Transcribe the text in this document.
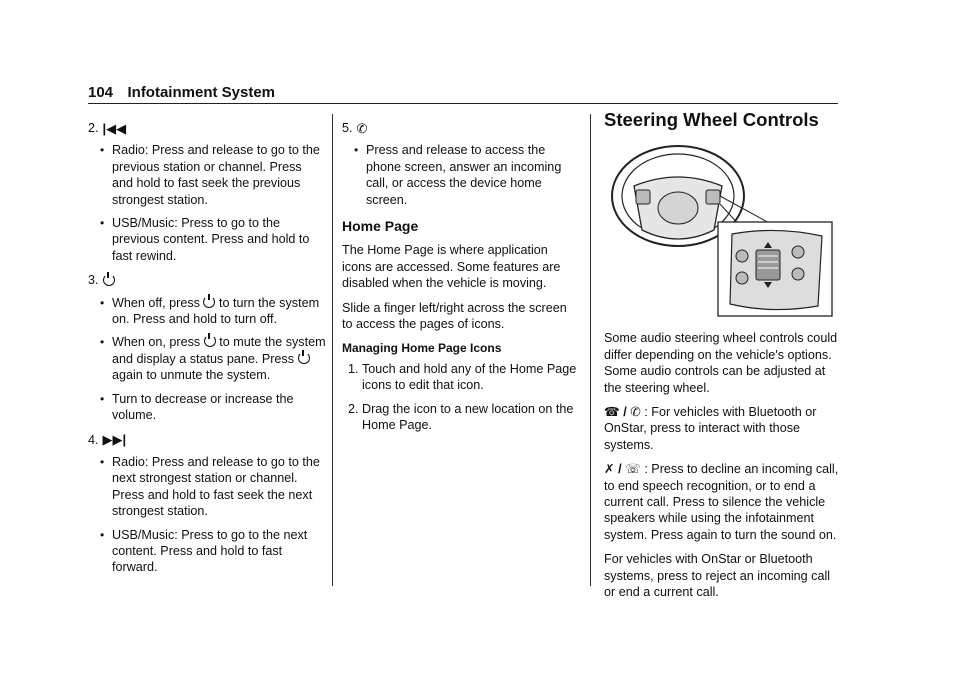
104 Infotainment System
2. |◀◀
• Radio: Press and release to go to the previous station or channel. Press and hold to fast seek the previous strongest station.
• USB/Music: Press to go to the previous content. Press and hold to fast rewind.
3.
• When off, press to turn the system on. Press and hold to turn off.
• When on, press to mute the system and display a status pane. Press  again to unmute the system.
• Turn to decrease or increase the volume.
4. ▶▶|
• Radio: Press and release to go to the next strongest station or channel. Press and hold to fast seek the next strongest station.
• USB/Music: Press to go to the next content. Press and hold to fast forward.
5. ✆
• Press and release to access the phone screen, answer an incoming call, or access the device home screen.
Home Page

The Home Page is where application icons are accessed. Some features are disabled when the vehicle is moving.

Slide a finger left/right across the screen to access the pages of icons.

Managing Home Page Icons
1. Touch and hold any of the Home Page icons to edit that icon.
2. Drag the icon to a new location on the Home Page.
Steering Wheel Controls

Some audio steering wheel controls could differ depending on the vehicle's options. Some audio controls can be adjusted at the steering wheel.

☎ / ✆ : For vehicles with Bluetooth or OnStar, press to interact with those systems.

✗ / ☏ : Press to decline an incoming call, to end speech recognition, or to end a current call. Press to silence the vehicle speakers while using the infotainment system. Press again to turn the sound on.

For vehicles with OnStar or Bluetooth systems, press to reject an incoming call or end a current call.
